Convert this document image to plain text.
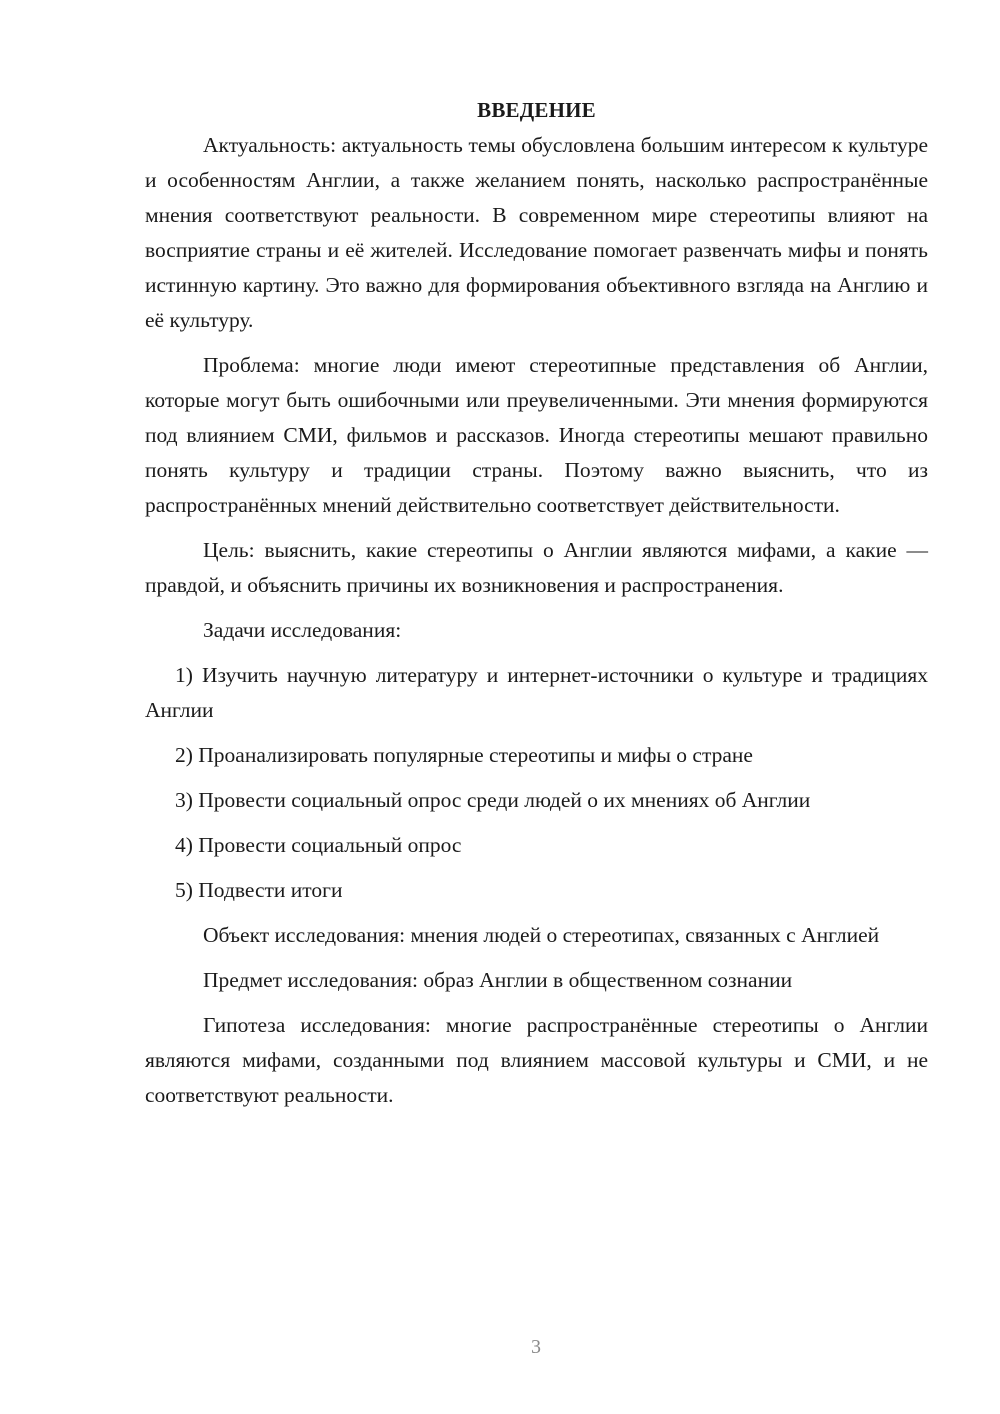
ВВЕДЕНИЕ

Актуальность: актуальность темы обусловлена большим интересом к культуре и особенностям Англии, а также желанием понять, насколько распространённые мнения соответствуют реальности. В современном мире стереотипы влияют на восприятие страны и её жителей. Исследование помогает развенчать мифы и понять истинную картину. Это важно для формирования объективного взгляда на Англию и её культуру.

Проблема: многие люди имеют стереотипные представления об Англии, которые могут быть ошибочными или преувеличенными. Эти мнения формируются под влиянием СМИ, фильмов и рассказов. Иногда стереотипы мешают правильно понять культуру и традиции страны. Поэтому важно выяснить, что из распространённых мнений действительно соответствует действительности.

Цель: выяснить, какие стереотипы о Англии являются мифами, а какие — правдой, и объяснить причины их возникновения и распространения.

Задачи исследования:

1) Изучить научную литературу и интернет-источники о культуре и традициях Англии

2) Проанализировать популярные стереотипы и мифы о стране

3) Провести социальный опрос среди людей о их мнениях об Англии

4) Провести социальный опрос

5) Подвести итоги

Объект исследования: мнения людей о стереотипах, связанных с Англией

Предмет исследования: образ Англии в общественном сознании

Гипотеза исследования: многие распространённые стереотипы о Англии являются мифами, созданными под влиянием массовой культуры и СМИ, и не соответствуют реальности.

3
